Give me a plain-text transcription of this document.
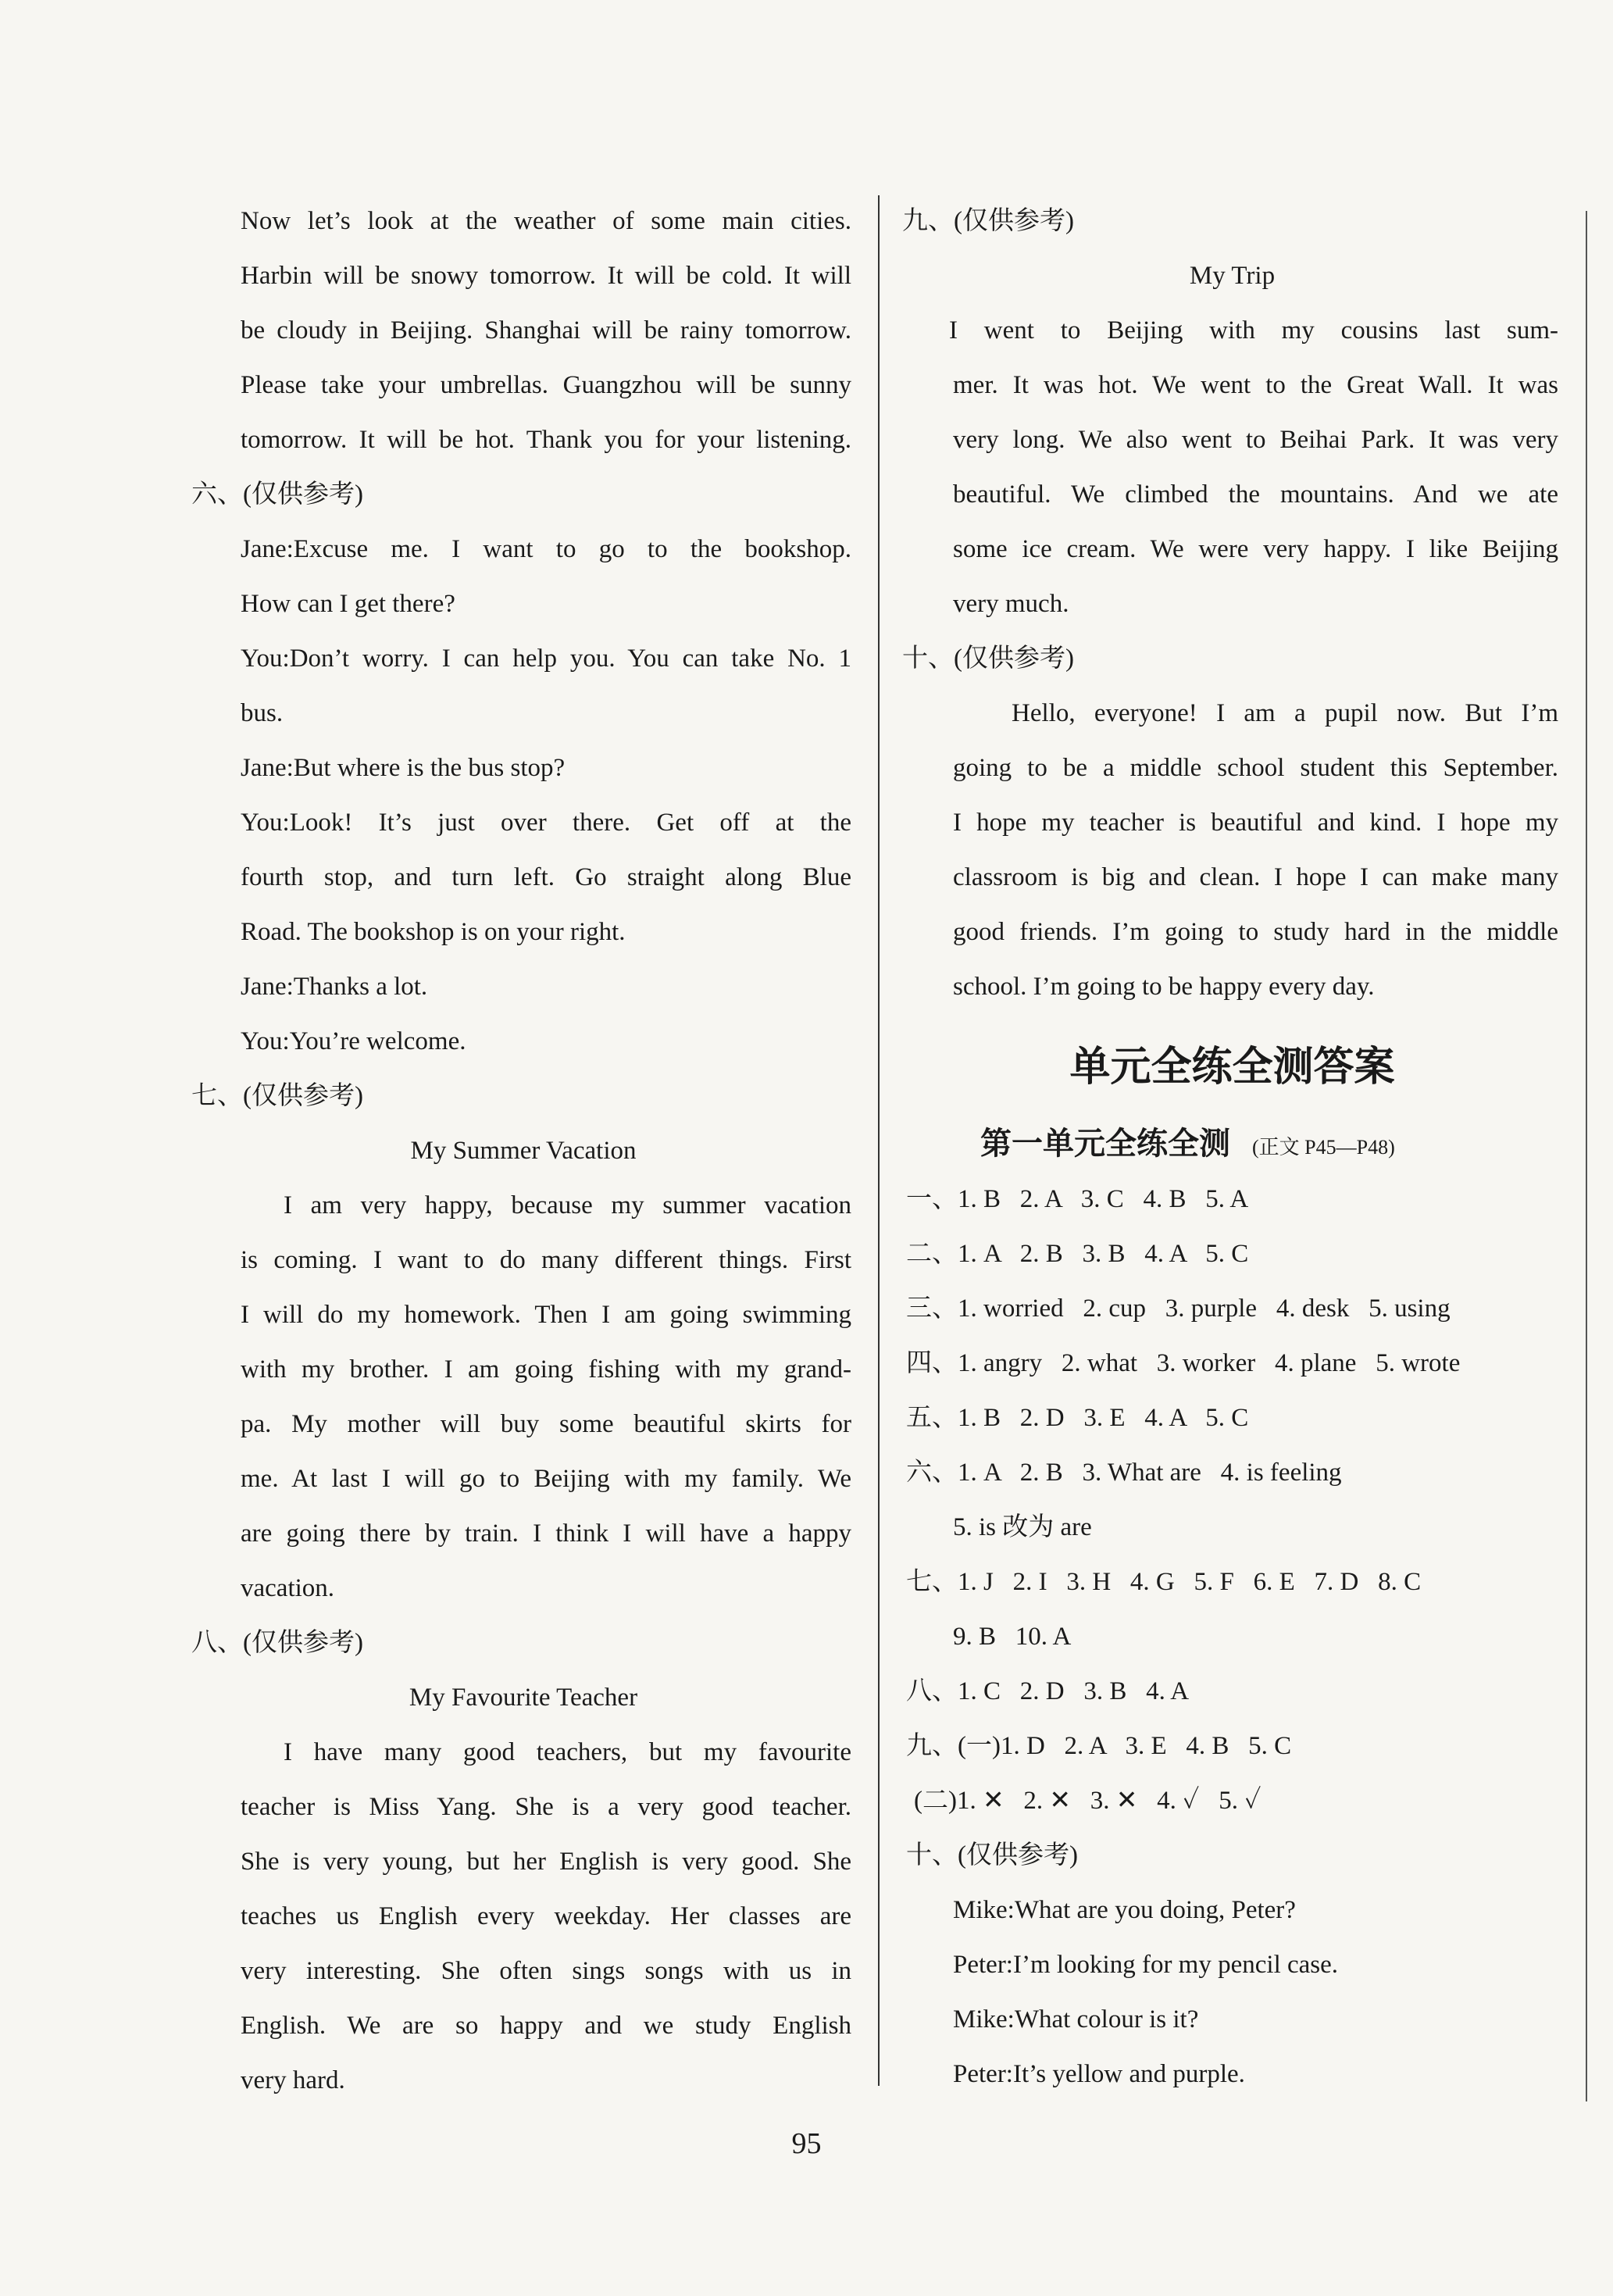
Now let’s look at the weather of some main cities.
Harbin will be snowy tomorrow. It will be cold. It will
be cloudy in Beijing. Shanghai will be rainy tomorrow.
Please take your umbrellas. Guangzhou will be sunny
tomorrow. It will be hot. Thank you for your listening.
六、(仅供参考)
Jane:Excuse me. I want to go to the bookshop.
How can I get there?
You:Don’t worry. I can help you. You can take No. 1
bus.
Jane:But where is the bus stop?
You:Look! It’s just over there. Get off at the
fourth stop, and turn left. Go straight along Blue
Road. The bookshop is on your right.
Jane:Thanks a lot.
You:You’re welcome.
七、(仅供参考)
My Summer Vacation
I am very happy, because my summer vacation
is coming. I want to do many different things. First
I will do my homework. Then I am going swimming
with my brother. I am going fishing with my grand-
pa. My mother will buy some beautiful skirts for
me. At last I will go to Beijing with my family. We
are going there by train. I think I will have a happy
vacation.
八、(仅供参考)
My Favourite Teacher
I have many good teachers, but my favourite
teacher is Miss Yang. She is a very good teacher.
She is very young, but her English is very good. She
teaches us English every weekday. Her classes are
very interesting. She often sings songs with us in
English. We are so happy and we study English
very hard.
九、(仅供参考)
My Trip
I went to Beijing with my cousins last sum-
mer. It was hot. We went to the Great Wall. It was
very long. We also went to Beihai Park. It was very
beautiful. We climbed the mountains. And we ate
some ice cream. We were very happy. I like Beijing
very much.
十、(仅供参考)
Hello, everyone! I am a pupil now. But I’m
going to be a middle school student this September.
I hope my teacher is beautiful and kind. I hope my
classroom is big and clean. I hope I can make many
good friends. I’m going to study hard in the middle
school. I’m going to be happy every day.
单元全练全测答案
第一单元全练全测 (正文 P45—P48)
一、1. B   2. A   3. C   4. B   5. A
二、1. A   2. B   3. B   4. A   5. C
三、1. worried   2. cup   3. purple   4. desk   5. using
四、1. angry   2. what   3. worker   4. plane   5. wrote
五、1. B   2. D   3. E   4. A   5. C
六、1. A   2. B   3. What are   4. is feeling
5. is 改为 are
七、1. J   2. I   3. H   4. G   5. F   6. E   7. D   8. C
9. B   10. A
八、1. C   2. D   3. B   4. A
九、(一)1. D   2. A   3. E   4. B   5. C
(二)1. ✕   2. ✕   3. ✕   4. ✓   5. ✓
十、(仅供参考)
Mike:What are you doing, Peter?
Peter:I’m looking for my pencil case.
Mike:What colour is it?
Peter:It’s yellow and purple.
95
